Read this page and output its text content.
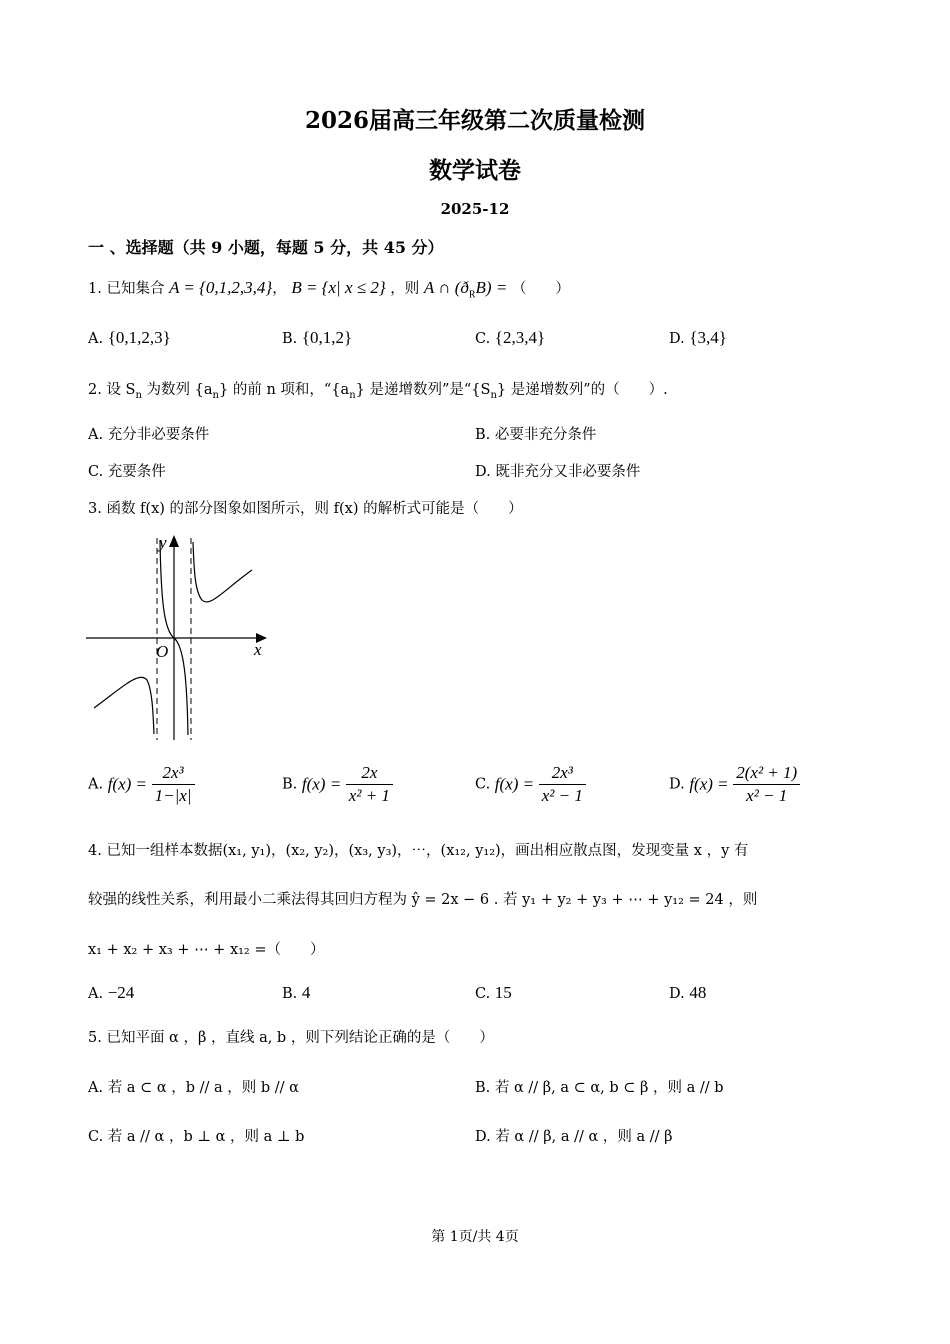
2026届高三年级第二次质量检测
数学试卷
2025-12
一 、选择题（共 9 小题，每题 5 分，共 45 分）
1. 已知集合 A = {0,1,2,3,4}， B = {x| x ≤ 2} ，则 A ∩ $(ð_RB)$ = （　　）
A. {0,1,2,3}	B. {0,1,2}	C. {2,3,4}	D. {3,4}
2. 设 $S_n$ 为数列 $\{a_n\}$ 的前 n 项和，“$\{a_n\}$ 是递增数列”是“$\{S_n\}$ 是递增数列”的（　　）.
A. 充分非必要条件	B. 必要非充分条件
C. 充要条件	D. 既非充分又非必要条件
3. 函数 f(x) 的部分图象如图所示，则 f(x) 的解析式可能是（　　）
y
x
O
A. $f(x) = \frac{\text{2x³}}{1-|x|}$	B. $f(x) = \frac{2x}{\text{x² + 1}}$	C. $f(x) = \frac{\text{2x³}}{\text{x² − 1}}$	D. $f(x) = \frac{\text{2(x² + 1)}}{\text{x² − 1}}$
4. 已知一组样本数据(x₁, y₁)，(x₂, y₂)，(x₃, y₃)，⋯，(x₁₂, y₁₂)，画出相应散点图，发现变量 x ，y 有
较强的线性关系，利用最小二乘法得其回归方程为 ŷ = 2x − 6 . 若 y₁ + y₂ + y₃ + ⋯ + y₁₂ = 24 ，则
x₁ + x₂ + x₃ + ⋯ + x₁₂ =（　　）
A. −24	B. 4	C. 15	D. 48
5. 已知平面 α ，β ，直线 a, b ，则下列结论正确的是（　　）
A. 若 a ⊂ α ，b // a ，则 b // α	B. 若 α // β, a ⊂ α, b ⊂ β ，则 a // b
C. 若 a // α ，b ⊥ α ，则 a ⊥ b	D. 若 α // β, a // α ，则 a // β
第 1页/共 4页
